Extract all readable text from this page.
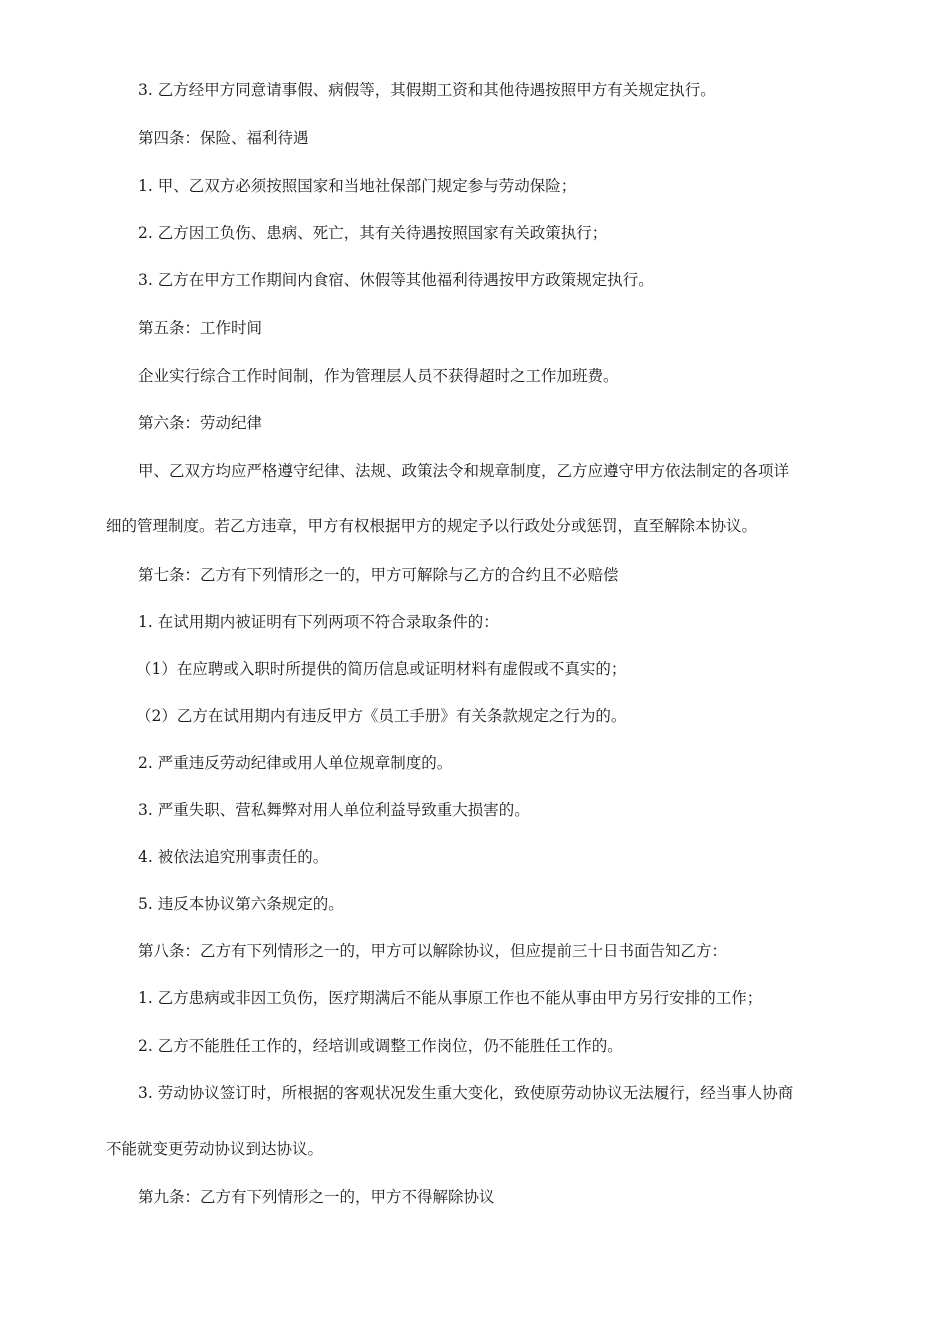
3. 乙方经甲方同意请事假、病假等，其假期工资和其他待遇按照甲方有关规定执行。
第四条：保险、福利待遇
1. 甲、乙双方必须按照国家和当地社保部门规定参与劳动保险；
2. 乙方因工负伤、患病、死亡，其有关待遇按照国家有关政策执行；
3. 乙方在甲方工作期间内食宿、休假等其他福利待遇按甲方政策规定执行。
第五条：工作时间
企业实行综合工作时间制，作为管理层人员不获得超时之工作加班费。
第六条：劳动纪律
甲、乙双方均应严格遵守纪律、法规、政策法令和规章制度，乙方应遵守甲方依法制定的各项详
细的管理制度。若乙方违章，甲方有权根据甲方的规定予以行政处分或惩罚，直至解除本协议。
第七条：乙方有下列情形之一的，甲方可解除与乙方的合约且不必赔偿
1. 在试用期内被证明有下列两项不符合录取条件的：
（1）在应聘或入职时所提供的简历信息或证明材料有虚假或不真实的；
（2）乙方在试用期内有违反甲方《员工手册》有关条款规定之行为的。
2. 严重违反劳动纪律或用人单位规章制度的。
3. 严重失职、营私舞弊对用人单位利益导致重大损害的。
4. 被依法追究刑事责任的。
5. 违反本协议第六条规定的。
第八条：乙方有下列情形之一的，甲方可以解除协议，但应提前三十日书面告知乙方：
1. 乙方患病或非因工负伤，医疗期满后不能从事原工作也不能从事由甲方另行安排的工作；
2. 乙方不能胜任工作的，经培训或调整工作岗位，仍不能胜任工作的。
3. 劳动协议签订时，所根据的客观状况发生重大变化，致使原劳动协议无法履行，经当事人协商
不能就变更劳动协议到达协议。
第九条：乙方有下列情形之一的，甲方不得解除协议
